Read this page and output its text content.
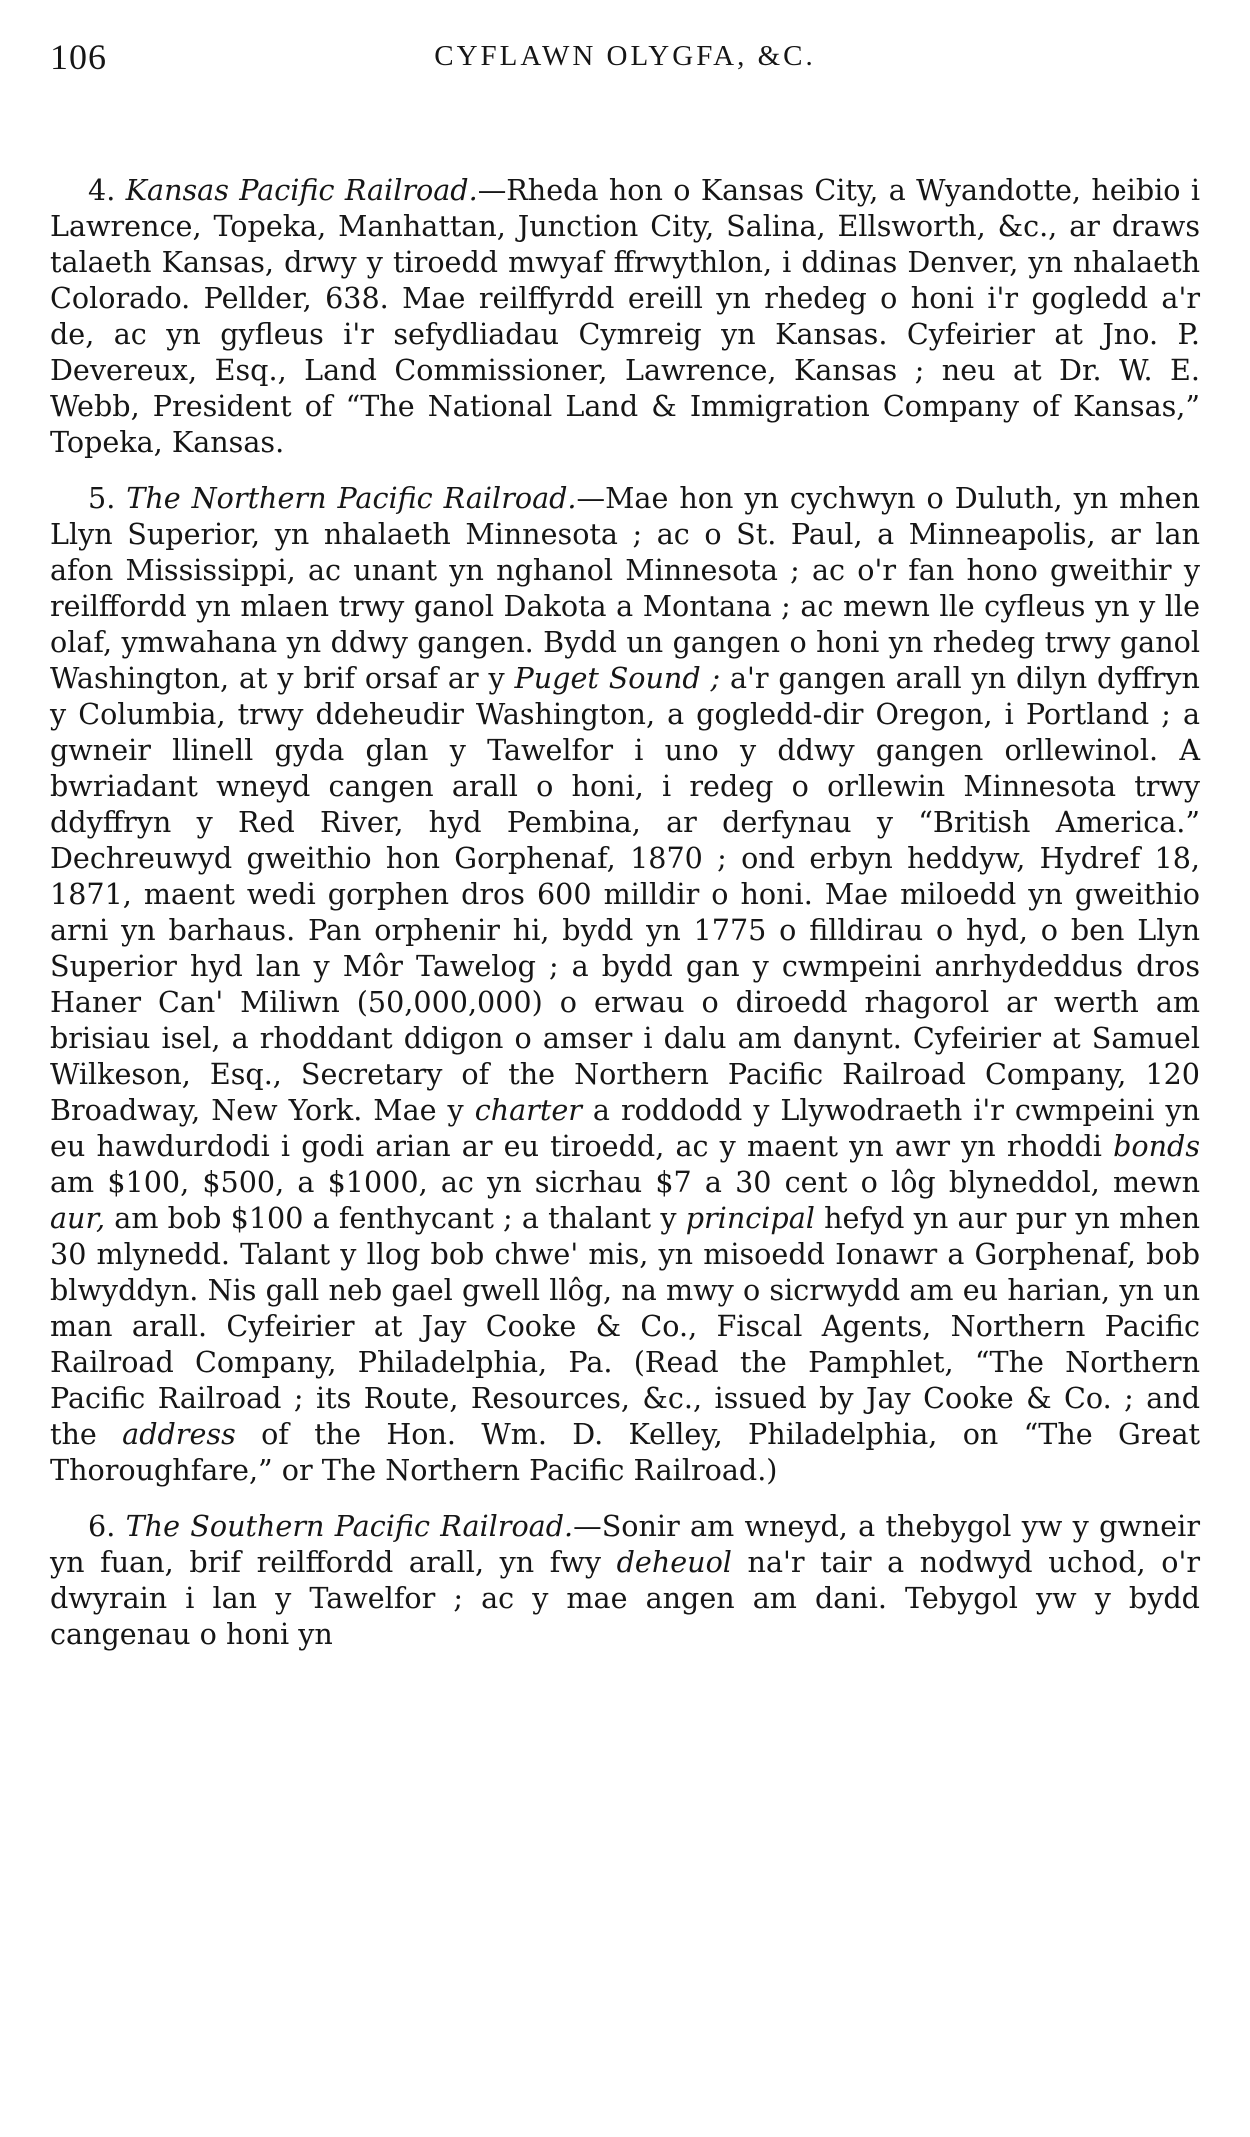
106	CYFLAWN OLYGFA, &C.

4. Kansas Pacific Railroad.—Rheda hon o Kansas City, a Wyandotte, heibio i Lawrence, Topeka, Manhattan, Junction City, Salina, Ellsworth, &c., ar draws talaeth Kansas, drwy y tiroedd mwyaf ffrwythlon, i ddinas Denver, yn nhalaeth Colorado. Pellder, 638. Mae reilffyrdd ereill yn rhedeg o honi i'r gogledd a'r de, ac yn gyfleus i'r sefydliadau Cymreig yn Kansas. Cyfeirier at Jno. P. Devereux, Esq., Land Commissioner, Lawrence, Kansas ; neu at Dr. W. E. Webb, President of “The National Land & Immigration Company of Kansas,” Topeka, Kansas.

5. The Northern Pacific Railroad.—Mae hon yn cychwyn o Duluth, yn mhen Llyn Superior, yn nhalaeth Minnesota ; ac o St. Paul, a Minneapolis, ar lan afon Mississippi, ac unant yn nghanol Minnesota ; ac o'r fan hono gweithir y reilffordd yn mlaen trwy ganol Dakota a Montana ; ac mewn lle cyfleus yn y lle olaf, ymwahana yn ddwy gangen. Bydd un gangen o honi yn rhedeg trwy ganol Washington, at y brif orsaf ar y Puget Sound ; a'r gangen arall yn dilyn dyffryn y Columbia, trwy ddeheudir Washington, a gogledd-dir Oregon, i Portland ; a gwneir llinell gyda glan y Tawelfor i uno y ddwy gangen orllewinol. A bwriadant wneyd cangen arall o honi, i redeg o orllewin Minnesota trwy ddyffryn y Red River, hyd Pembina, ar derfynau y “British America.” Dechreuwyd gweithio hon Gorphenaf, 1870 ; ond erbyn heddyw, Hydref 18, 1871, maent wedi gorphen dros 600 milldir o honi. Mae miloedd yn gweithio arni yn barhaus. Pan orphenir hi, bydd yn 1775 o filldirau o hyd, o ben Llyn Superior hyd lan y Môr Tawelog ; a bydd gan y cwmpeini anrhydeddus dros Haner Can' Miliwn (50,000,000) o erwau o diroedd rhagorol ar werth am brisiau isel, a rhoddant ddigon o amser i dalu am danynt. Cyfeirier at Samuel Wilkeson, Esq., Secretary of the Northern Pacific Railroad Company, 120 Broadway, New York. Mae y charter a roddodd y Llywodraeth i'r cwmpeini yn eu hawdurdodi i godi arian ar eu tiroedd, ac y maent yn awr yn rhoddi bonds am $100, $500, a $1000, ac yn sicrhau $7 a 30 cent o lôg blyneddol, mewn aur, am bob $100 a fenthycant ; a thalant y principal hefyd yn aur pur yn mhen 30 mlynedd. Talant y llog bob chwe' mis, yn misoedd Ionawr a Gorphenaf, bob blwyddyn. Nis gall neb gael gwell llôg, na mwy o sicrwydd am eu harian, yn un man arall. Cyfeirier at Jay Cooke & Co., Fiscal Agents, Northern Pacific Railroad Company, Philadelphia, Pa. (Read the Pamphlet, “The Northern Pacific Railroad ; its Route, Resources, &c., issued by Jay Cooke & Co. ; and the address of the Hon. Wm. D. Kelley, Philadelphia, on “The Great Thoroughfare,” or The Northern Pacific Railroad.)

6. The Southern Pacific Railroad.—Sonir am wneyd, a thebygol yw y gwneir yn fuan, brif reilffordd arall, yn fwy deheuol na'r tair a nodwyd uchod, o'r dwyrain i lan y Tawelfor ; ac y mae angen am dani. Tebygol yw y bydd cangenau o honi yn
